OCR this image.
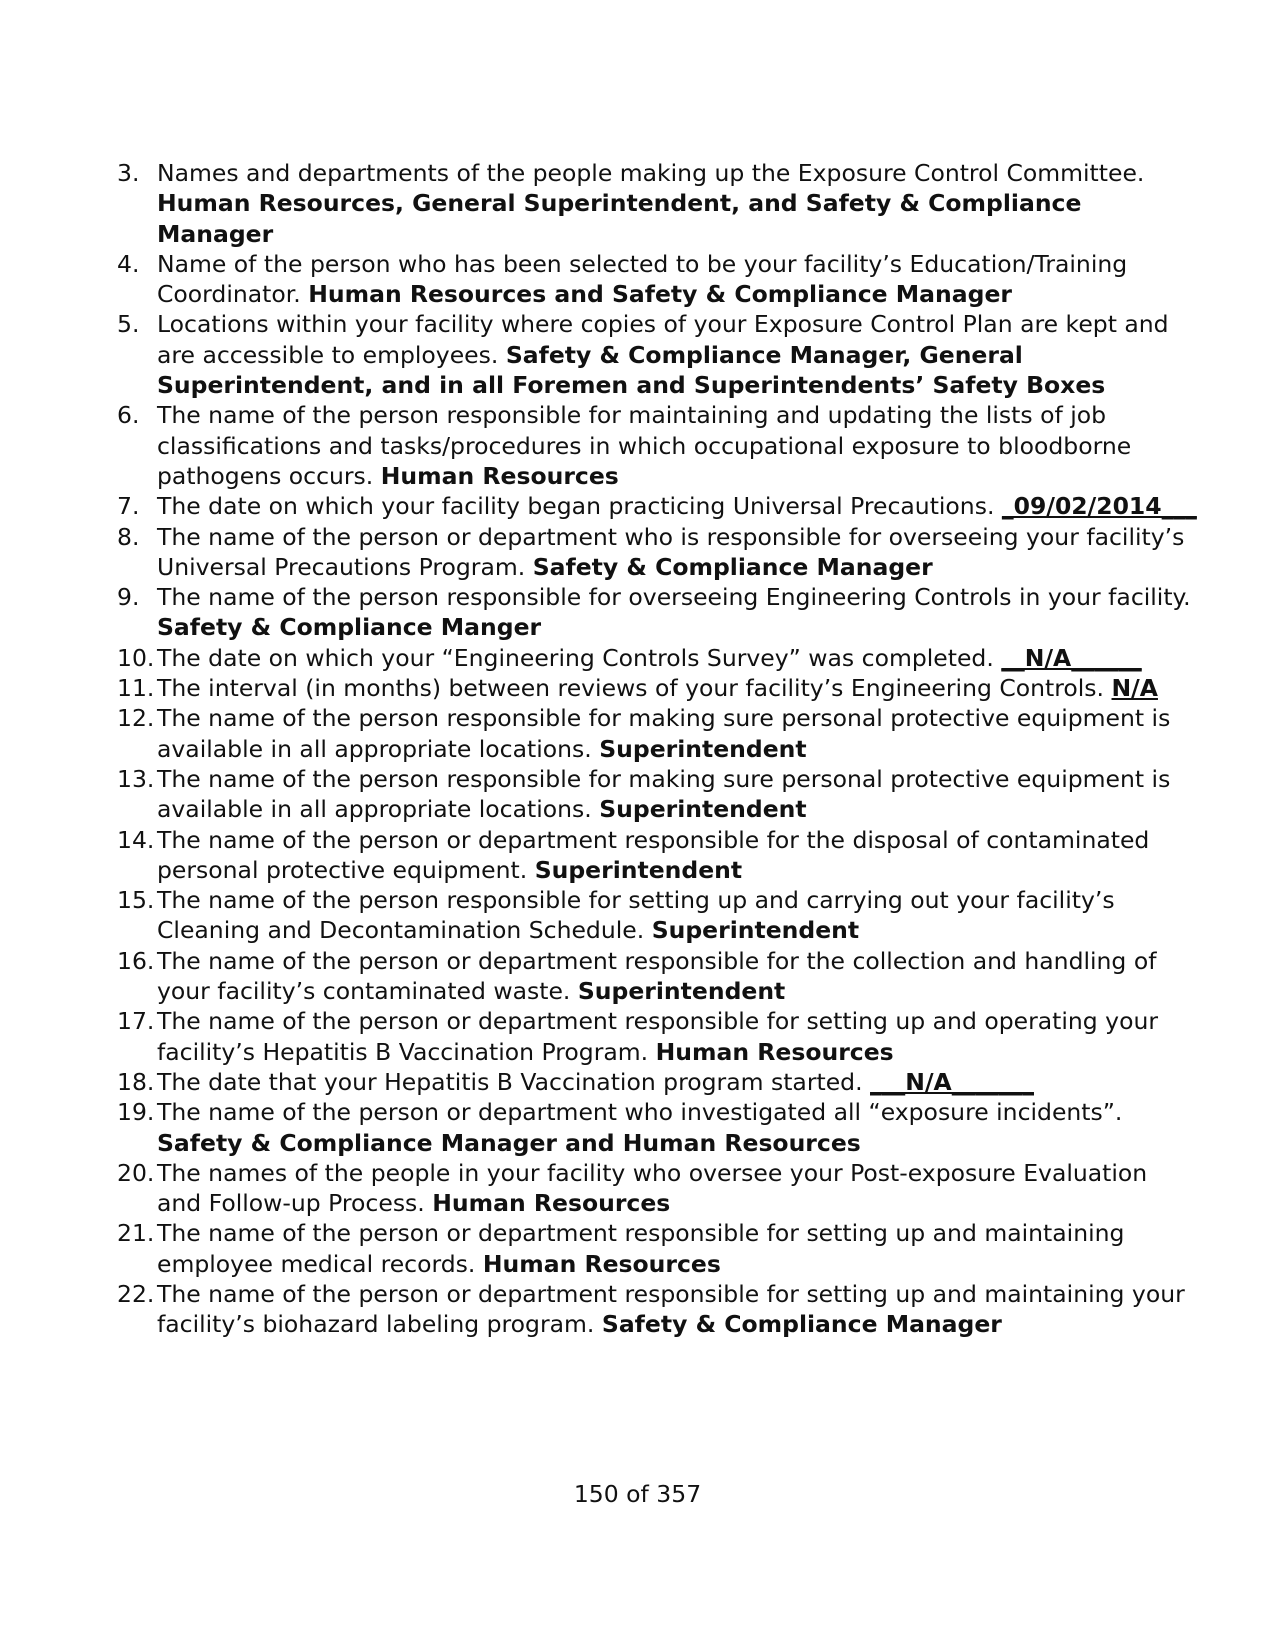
3. Names and departments of the people making up the Exposure Control Committee. Human Resources, General Superintendent, and Safety & Compliance Manager
4. Name of the person who has been selected to be your facility’s Education/Training Coordinator. Human Resources and Safety & Compliance Manager
5. Locations within your facility where copies of your Exposure Control Plan are kept and are accessible to employees. Safety & Compliance Manager, General Superintendent, and in all Foremen and Superintendents’ Safety Boxes
6. The name of the person responsible for maintaining and updating the lists of job classifications and tasks/procedures in which occupational exposure to bloodborne pathogens occurs. Human Resources
7. The date on which your facility began practicing Universal Precautions. _09/02/2014___
8. The name of the person or department who is responsible for overseeing your facility’s Universal Precautions Program. Safety & Compliance Manager
9. The name of the person responsible for overseeing Engineering Controls in your facility. Safety & Compliance Manger
10. The date on which your “Engineering Controls Survey” was completed. __N/A______
11. The interval (in months) between reviews of your facility’s Engineering Controls. N/A
12. The name of the person responsible for making sure personal protective equipment is available in all appropriate locations. Superintendent
13. The name of the person responsible for making sure personal protective equipment is available in all appropriate locations. Superintendent
14. The name of the person or department responsible for the disposal of contaminated personal protective equipment. Superintendent
15. The name of the person responsible for setting up and carrying out your facility’s Cleaning and Decontamination Schedule. Superintendent
16. The name of the person or department responsible for the collection and handling of your facility’s contaminated waste. Superintendent
17. The name of the person or department responsible for setting up and operating your facility’s Hepatitis B Vaccination Program. Human Resources
18. The date that your Hepatitis B Vaccination program started. ___N/A_______
19. The name of the person or department who investigated all “exposure incidents”. Safety & Compliance Manager and Human Resources
20. The names of the people in your facility who oversee your Post-exposure Evaluation and Follow-up Process. Human Resources
21. The name of the person or department responsible for setting up and maintaining employee medical records. Human Resources
22. The name of the person or department responsible for setting up and maintaining your facility’s biohazard labeling program. Safety & Compliance Manager
150 of 357
